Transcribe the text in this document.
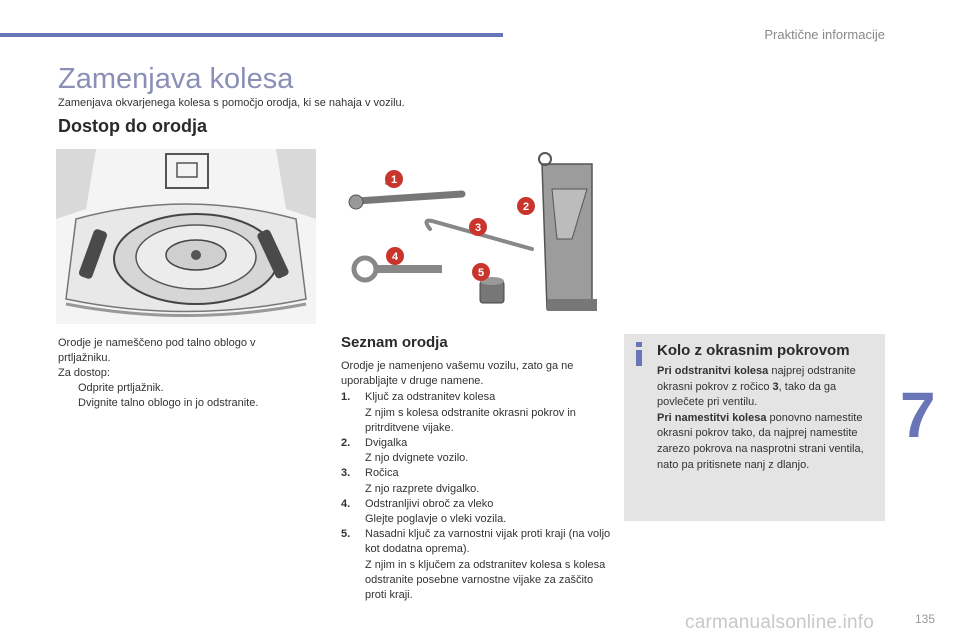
Praktične informacije
Zamenjava kolesa
Zamenjava okvarjenega kolesa s pomočjo orodja, ki se nahaja v vozilu.
Dostop do orodja
1
2
3
4
5
Orodje je nameščeno pod talno oblogo v
prtljažniku.
Za dostop:
Odprite prtljažnik.
Dvignite talno oblogo in jo odstranite.
Seznam orodja

Orodje je namenjeno vašemu vozilu, zato ga ne uporabljajte v druge namene.

1. Ključ za odstranitev kolesa
Z njim s kolesa odstranite okrasni pokrov in pritrditvene vijake.
2. Dvigalka
Z njo dvignete vozilo.
3. Ročica
Z njo razprete dvigalko.
4. Odstranljivi obroč za vleko
Glejte poglavje o vleki vozila.
5. Nasadni ključ za varnostni vijak proti kraji (na voljo kot dodatna oprema).
Z njim in s ključem za odstranitev kolesa s kolesa odstranite posebne varnostne vijake za zaščito proti kraji.
Kolo z okrasnim pokrovom
Pri odstranitvi kolesa najprej odstranite okrasni pokrov z ročico 3, tako da ga povlečete pri ventilu.
Pri namestitvi kolesa ponovno namestite okrasni pokrov tako, da najprej namestite zarezo pokrova na nasprotni strani ventila, nato pa pritisnete nanj z dlanjo.
7
carmanualsonline.info	135
